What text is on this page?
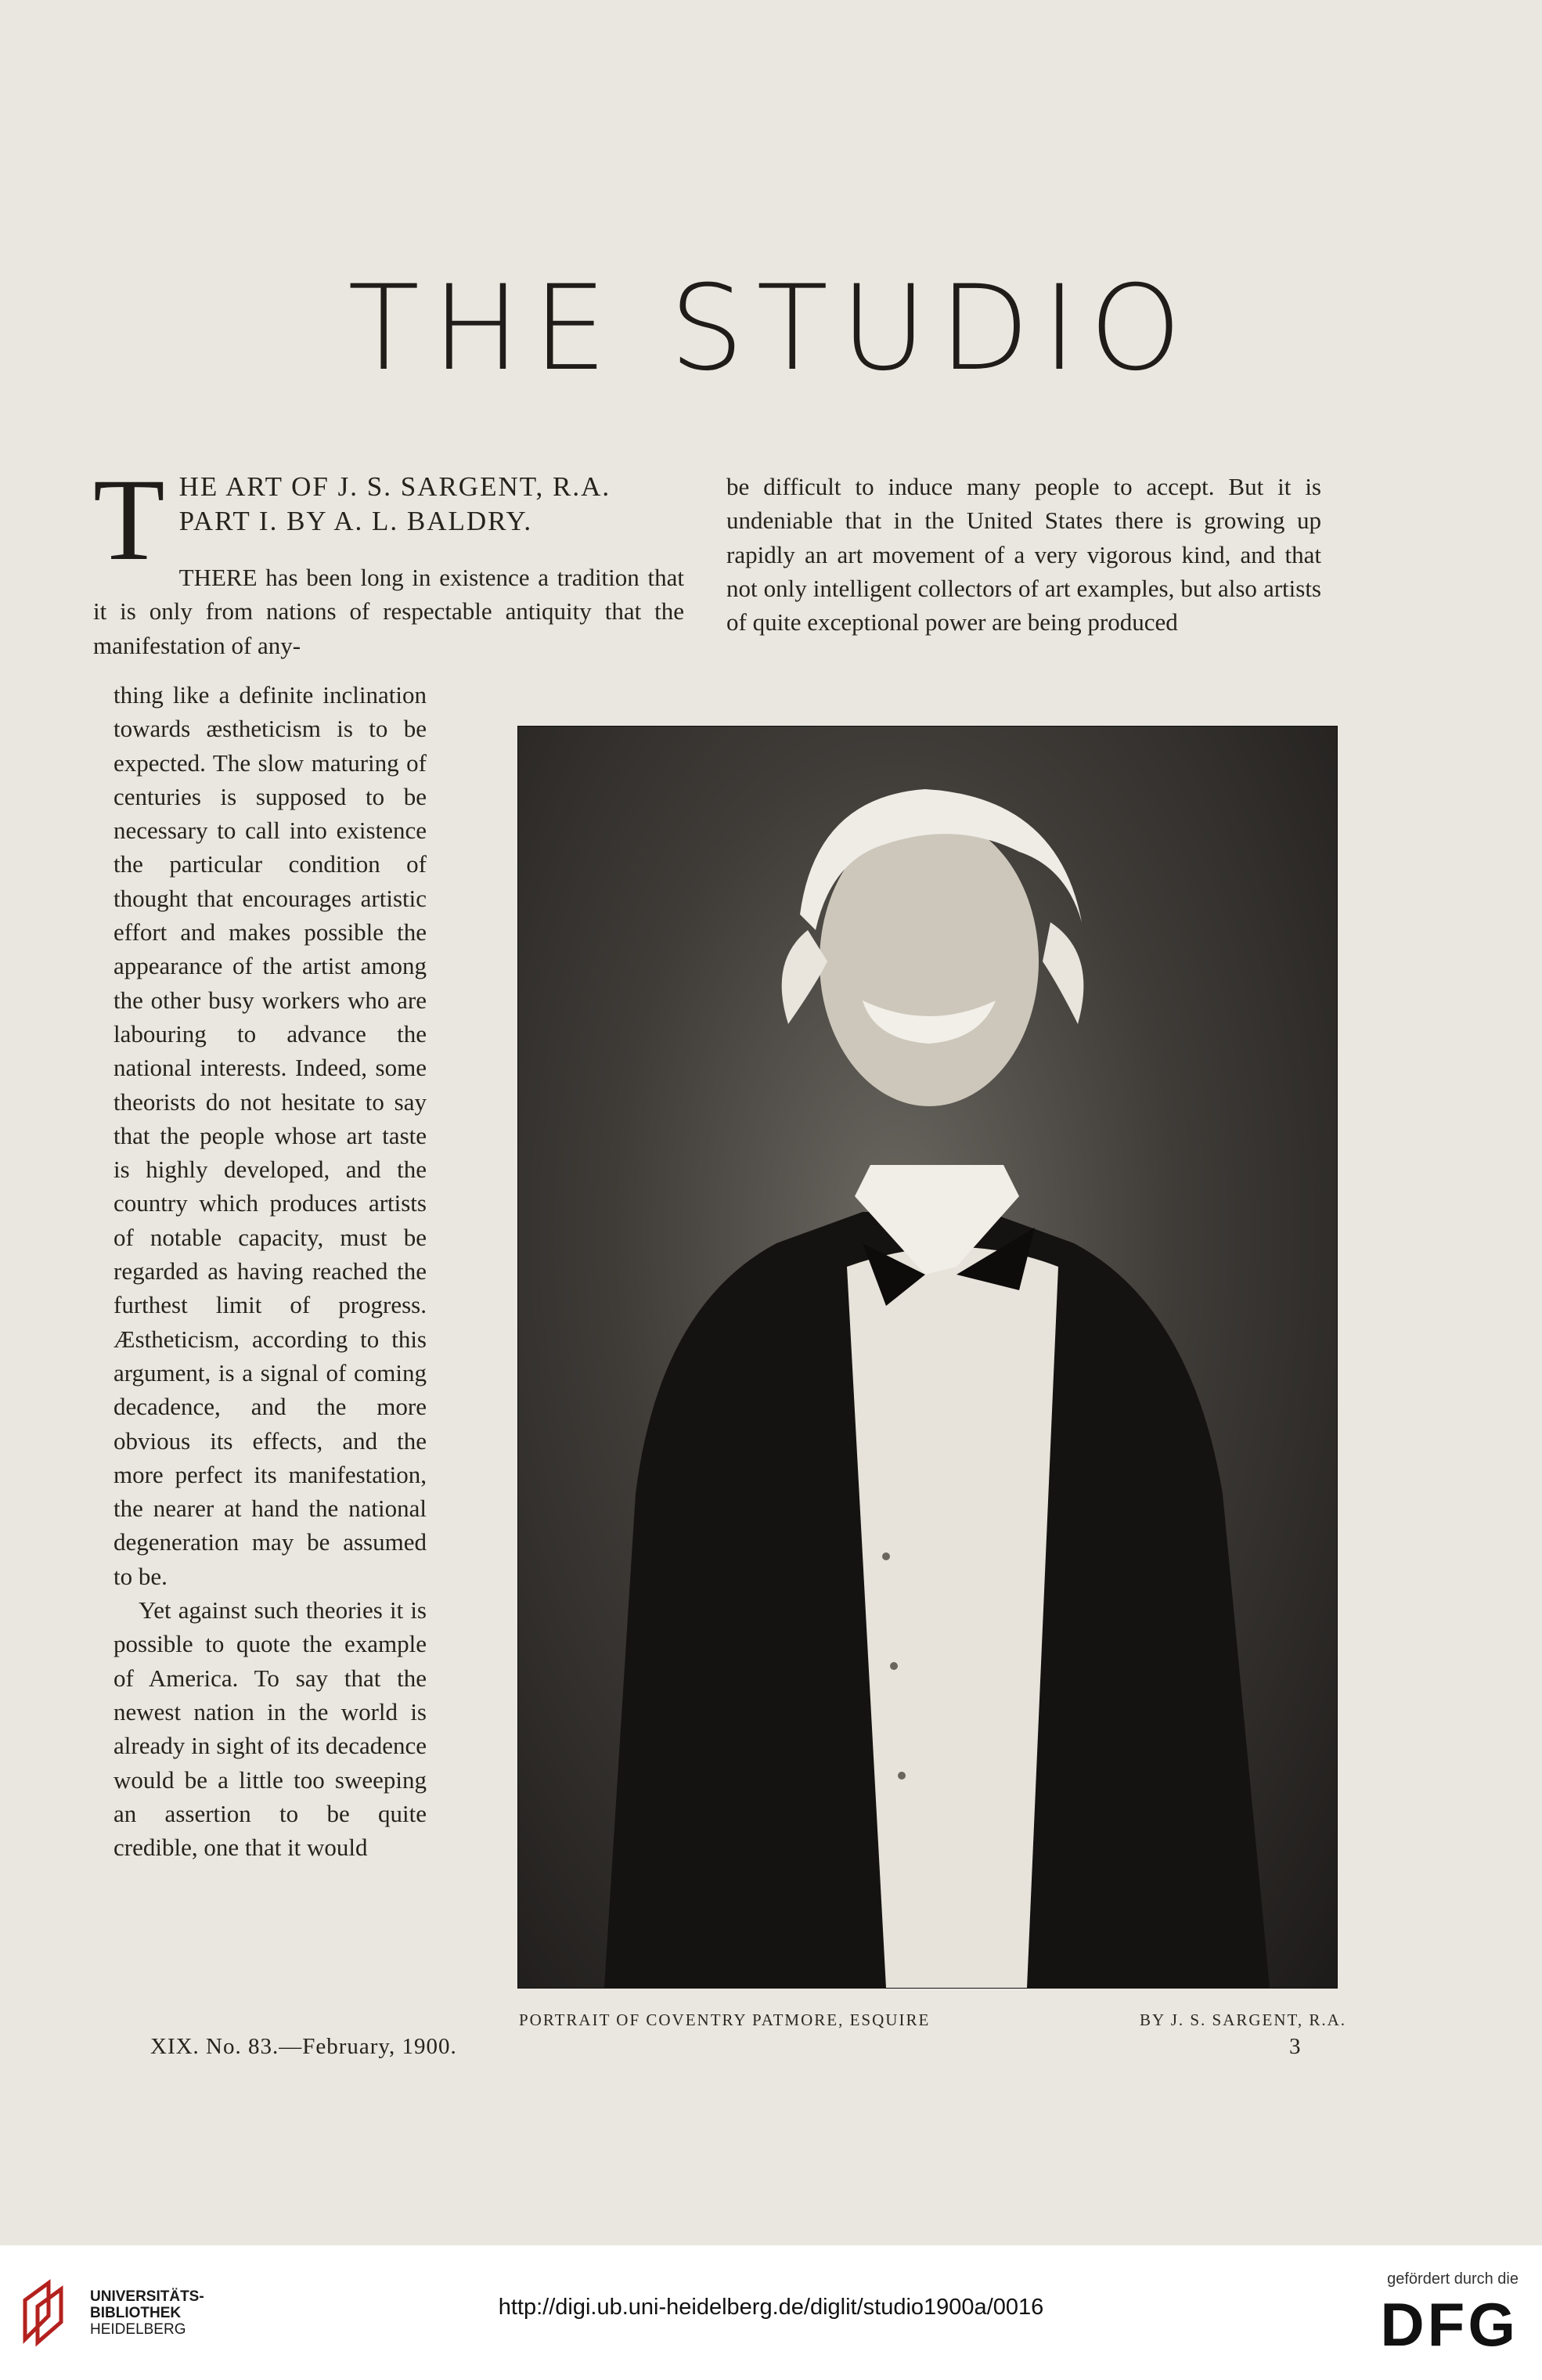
THE STUDIO
T HE ART OF J. S. SARGENT, R.A.
PART I. BY A. L. BALDRY.

THERE has been long in existence a tradition that it is only from nations of respectable antiquity that the manifestation of any-

thing like a definite inclination towards æstheticism is to be expected. The slow maturing of centuries is supposed to be necessary to call into existence the particular condition of thought that encourages artistic effort and makes possible the appearance of the artist among the other busy workers who are labouring to advance the national interests. Indeed, some theorists do not hesitate to say that the people whose art taste is highly developed, and the country which produces artists of notable capacity, must be regarded as having reached the furthest limit of progress. Æstheticism, according to this argument, is a signal of coming decadence, and the more obvious its effects, and the more perfect its manifestation, the nearer at hand the national degeneration may be assumed to be.

Yet against such theories it is possible to quote the example of America. To say that the newest nation in the world is already in sight of its decadence would be a little too sweeping an assertion to be quite credible, one that it would

be difficult to induce many people to accept. But it is undeniable that in the United States there is growing up rapidly an art movement of a very vigorous kind, and that not only intelligent collectors of art examples, but also artists of quite exceptional power are being produced

PORTRAIT OF COVENTRY PATMORE, ESQUIRE	BY J. S. SARGENT, R.A.
XIX. No. 83.—February, 1900.	3
UNIVERSITÄTS-
BIBLIOTHEK
HEIDELBERG
http://digi.ub.uni-heidelberg.de/diglit/studio1900a/0016
gefördert durch die
DFG
